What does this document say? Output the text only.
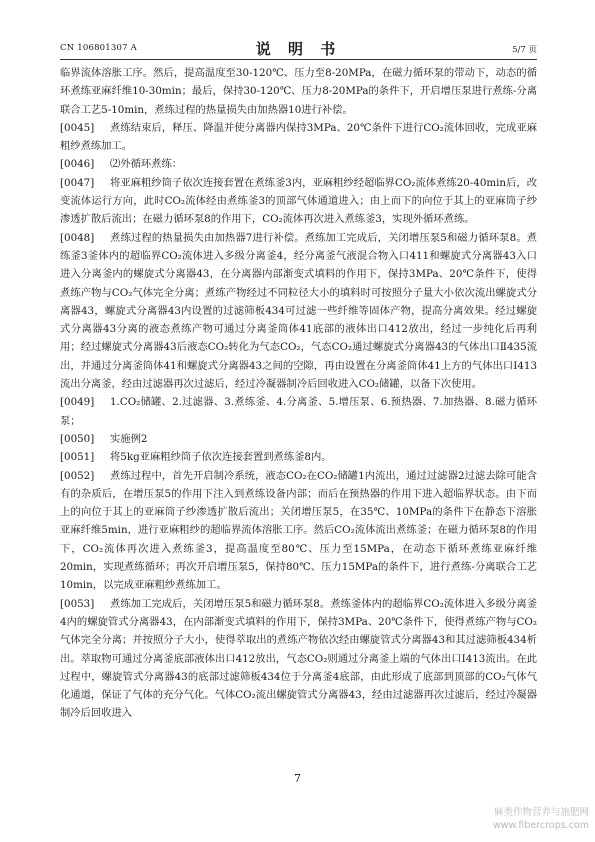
CN 106801307 A	说 明 书	5/7 页

临界流体溶胀工序。然后，提高温度至30-120℃、压力至8-20MPa，在磁力循环泵的带动下，动态的循环煮练亚麻纤维10-30min；最后，保持30-120℃、压力8-20MPa的条件下，开启增压泵进行煮练-分离联合工艺5-10min，煮练过程的热量损失由加热器10进行补偿。

[0045] 煮练结束后，释压、降温并使分离器内保持3MPa、20℃条件下进行CO₂流体回收，完成亚麻粗纱煮练加工。

[0046] ⑵外循环煮练：

[0047] 将亚麻粗纱筒子依次连接套置在煮练釜3内，亚麻粗纱经超临界CO₂流体煮练20-40min后，改变流体运行方向，此时CO₂流体经由煮练釜3的顶部气体通道进入；由上而下的向位于其上的亚麻筒子纱渗透扩散后流出；在磁力循环泵8的作用下，CO₂流体再次进入煮练釜3，实现外循环煮练。

[0048] 煮练过程的热量损失由加热器7进行补偿。煮练加工完成后，关闭增压泵5和磁力循环泵8。煮练釜3釜体内的超临界CO₂流体进入多级分离釜4，经分离釜气液混合物入口411和螺旋式分离器43入口进入分离釜内的螺旋式分离器43，在分离器内部渐变式填料的作用下，保持3MPa、20℃条件下，使得煮练产物与CO₂气体完全分离；煮练产物经过不同粒径大小的填料时可按照分子量大小依次流出螺旋式分离器43，螺旋式分离器43内设置的过滤筛板434可过滤一些纤维等固体产物，提高分离效果。经过螺旋式分离器43分离的液态煮练产物可通过分离釜筒体41底部的液体出口412放出，经过一步纯化后再利用；经过螺旋式分离器43后液态CO₂转化为气态CO₂，气态CO₂通过螺旋式分离器43的气体出口Ⅱ435流出，并通过分离釜筒体41和螺旋式分离器43之间的空隙，再由设置在分离釜筒体41上方的气体出口Ⅰ413流出分离釜，经由过滤器再次过滤后，经过冷凝器制冷后回收进入CO₂储罐，以备下次使用。

[0049] 1.CO₂储罐、2.过滤器、3.煮练釜、4.分离釜、5.增压泵、6.预热器、7.加热器、8.磁力循环泵；

[0050] 实施例2

[0051] 将5kg亚麻粗纱筒子依次连接套置到煮练釜8内。

[0052] 煮练过程中，首先开启制冷系统，液态CO₂在CO₂储罐1内流出，通过过滤器2过滤去除可能含有的杂质后，在增压泵5的作用下注入到煮练设备内部；而后在预热器的作用下进入超临界状态。由下而上的向位于其上的亚麻筒子纱渗透扩散后流出；关闭增压泵5，在35℃、10MPa的条件下在静态下溶胀亚麻纤维5min，进行亚麻粗纱的超临界流体溶胀工序。然后CO₂流体流出煮练釜；在磁力循环泵8的作用下，CO₂流体再次进入煮练釜3，提高温度至80℃、压力至15MPa，在动态下循环煮练亚麻纤维20min，实现煮练循环；再次开启增压泵5，保持80℃、压力15MPa的条件下，进行煮练-分离联合工艺10min，以完成亚麻粗纱煮练加工。

[0053] 煮练加工完成后，关闭增压泵5和磁力循环泵8。煮练釜体内的超临界CO₂流体进入多级分离釜4内的螺旋管式分离器43，在内部渐变式填料的作用下，保持3MPa、20℃条件下，使得煮练产物与CO₂气体完全分离；并按照分子大小，使得萃取出的煮练产物依次经由螺旋管式分离器43和其过滤筛板434析出。萃取物可通过分离釜底部液体出口412放出，气态CO₂则通过分离釜上端的气体出口I413流出。在此过程中，螺旋管式分离器43的底部过滤筛板434位于分离釜4底部，由此形成了底部到顶部的CO₂气体气化通道，保证了气体的充分气化。气体CO₂流出螺旋管式分离器43，经由过滤器再次过滤后，经过冷凝器制冷后回收进入

7
麻类作物营养与施肥网
www.fibercrops.com
